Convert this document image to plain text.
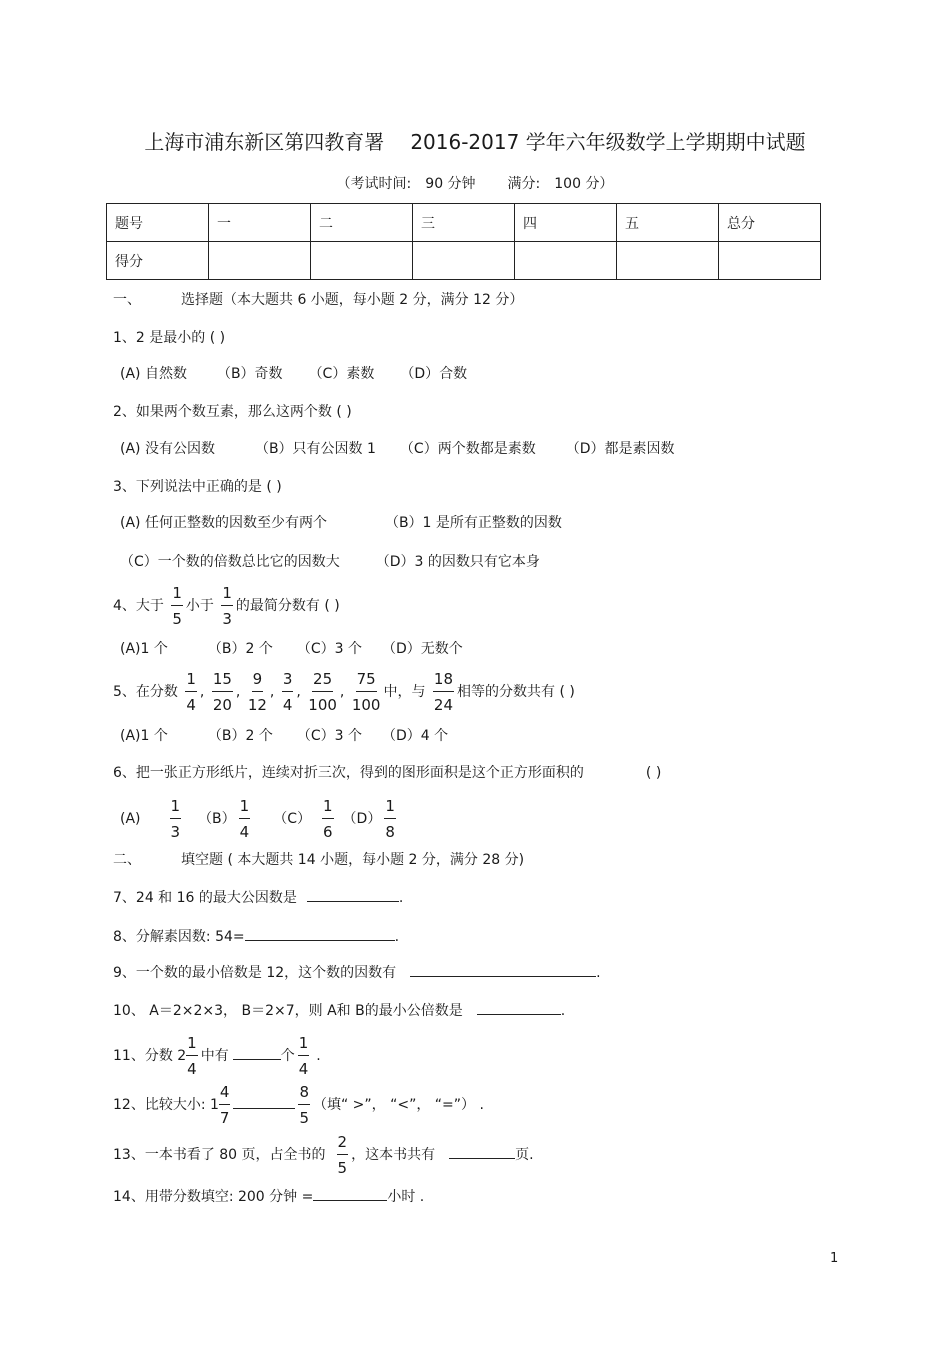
上海市浦东新区第四教育署 2016-2017 学年六年级数学上学期期中试题
（考试时间: 90 分钟 满分: 100 分）
题号	一	二	三	四	五	总分
得分						
一、	选择题（本大题共 6 小题，每小题 2 分，满分 12 分）
1、2 是最小的 ( )
(A) 自然数 （B）奇数 （C）素数 （D）合数
2、如果两个数互素，那么这两个数 ( )
(A) 没有公因数	（B）只有公因数 1 （C）两个数都是素数 （D）都是素因数
3、下列说法中正确的是 ( )
(A) 任何正整数的因数至少有两个	（B）1 是所有正整数的因数
（C）一个数的倍数总比它的因数大	（D）3 的因数只有它本身
4、大于 $\frac{1}{5}$ 小于 $\frac{1}{3}$ 的最简分数有 ( )
(A)1 个	（B）2 个 （C）3 个 （D）无数个
5、在分数 $\frac{1}{4}$ , $\frac{15}{20}$ , $\frac{9}{12}$ , $\frac{3}{4}$ , $\frac{25}{100}$ , $\frac{75}{100}$ 中，与 $\frac{18}{24}$ 相等的分数共有 ( )
(A)1 个	（B）2 个 （C）3 个 （D）4 个
6、把一张正方形纸片，连续对折三次，得到的图形面积是这个正方形面积的	( )
$(A) \frac{1}{3} (B) \frac{1}{4} (C) \frac{1}{6} (D) \frac{1}{8}$
二、	填空题 ( 本大题共 14 小题，每小题 2 分，满分 28 分)
7、24 和 16 的最大公因数是	.
8、分解素因数: 54=	.
9、一个数的最小倍数是 12，这个数的因数有	.
10、 A＝2×2×3， B＝2×7，则 A和 B的最小公倍数是	.
11、分数 $2 \frac{1}{4}$ 中有	个 $\frac{1}{4}$ .
12、比较大小: $1 \frac{4}{7}$	$\frac{8}{5}$ （填“ >”， “<”， “=”） .
13、一本书看了 80 页，占全书的 $\frac{2}{5}$ ，这本书共有	页.
14、用带分数填空: 200 分钟 =	小时 .
1
